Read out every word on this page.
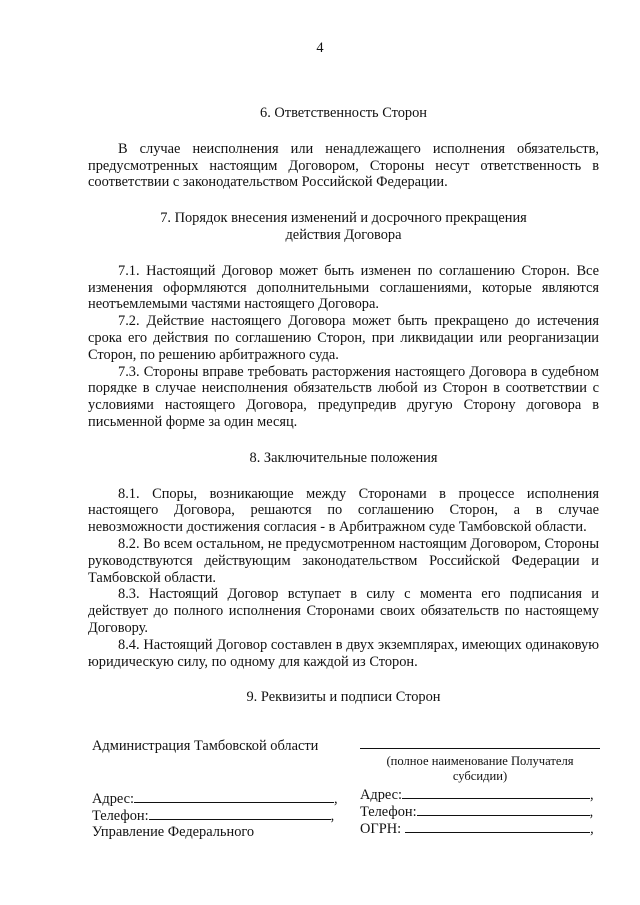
4
6. Ответственность Сторон

В случае неисполнения или ненадлежащего исполнения обязательств, предусмотренных настоящим Договором, Стороны несут ответственность в соответствии с законодательством Российской Федерации.

7. Порядок внесения изменений и досрочного прекращения
действия Договора

7.1. Настоящий Договор может быть изменен по соглашению Сторон. Все изменения оформляются дополнительными соглашениями, которые являются неотъемлемыми частями настоящего Договора.

7.2. Действие настоящего Договора может быть прекращено до истечения срока его действия по соглашению Сторон, при ликвидации или реорганизации Сторон, по решению арбитражного суда.

7.3. Стороны вправе требовать расторжения настоящего Договора в судебном порядке в случае неисполнения обязательств любой из Сторон в соответствии с условиями настоящего Договора, предупредив другую Сторону договора в письменной форме за один месяц.

8. Заключительные положения

8.1. Споры, возникающие между Сторонами в процессе исполнения настоящего Договора, решаются по соглашению Сторон, а в случае невозможности достижения согласия - в Арбитражном суде Тамбовской области.

8.2. Во всем остальном, не предусмотренном настоящим Договором, Стороны руководствуются действующим законодательством Российской Федерации и Тамбовской области.

8.3. Настоящий Договор вступает в силу с момента его подписания и действует до полного исполнения Сторонами своих обязательств по настоящему Договору.

8.4. Настоящий Договор составлен в двух экземплярах, имеющих одинаковую юридическую силу, по одному для каждой из Сторон.

9. Реквизиты и подписи Сторон
Администрация Тамбовской области
Адрес:	,
Телефон:	,
Управление Федерального
(полное наименование Получателя
субсидии)
Адрес:	,
Телефон:	,
ОГРН:	,
